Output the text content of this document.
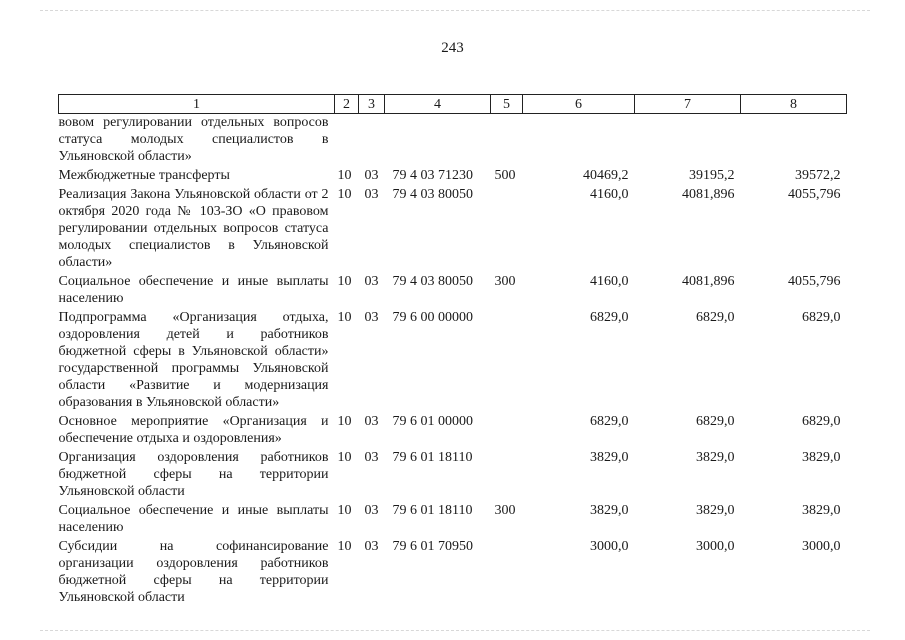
243
1	2	3	4	5	6	7	8
вовом регулировании отдельных вопросов статуса молодых специалистов в Ульяновской области»							
Межбюджетные трансферты	10	03	79 4 03 71230	500	40469,2	39195,2	39572,2
Реализация Закона Ульяновской области от 2 октября 2020 года № 103-ЗО «О правовом регулировании отдельных вопросов статуса молодых специалистов в Ульяновской области»	10	03	79 4 03 80050		4160,0	4081,896	4055,796
Социальное обеспечение и иные выплаты населению	10	03	79 4 03 80050	300	4160,0	4081,896	4055,796
Подпрограмма «Организация отдыха, оздоровления детей и работников бюджетной сферы в Ульяновской области» государственной программы Ульяновской области «Развитие и модернизация образования в Ульяновской области»	10	03	79 6 00 00000		6829,0	6829,0	6829,0
Основное мероприятие «Организация и обеспечение отдыха и оздоровления»	10	03	79 6 01 00000		6829,0	6829,0	6829,0
Организация оздоровления работников бюджетной сферы на территории Ульяновской области	10	03	79 6 01 18110		3829,0	3829,0	3829,0
Социальное обеспечение и иные выплаты населению	10	03	79 6 01 18110	300	3829,0	3829,0	3829,0
Субсидии на софинансирование организации оздоровления работников бюджетной сферы на территории Ульяновской области	10	03	79 6 01 70950		3000,0	3000,0	3000,0
